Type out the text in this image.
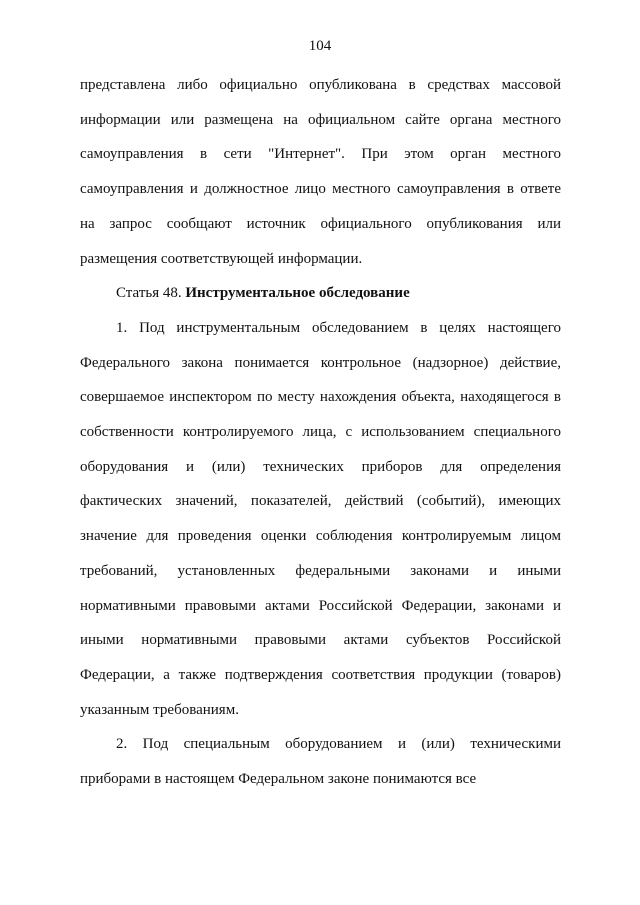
104

представлена либо официально опубликована в средствах массовой информации или размещена на официальном сайте органа местного самоуправления в сети "Интернет". При этом орган местного самоуправления и должностное лицо местного самоуправления в ответе на запрос сообщают источник официального опубликования или размещения соответствующей информации.

Статья 48. Инструментальное обследование

1. Под инструментальным обследованием в целях настоящего Федерального закона понимается контрольное (надзорное) действие, совершаемое инспектором по месту нахождения объекта, находящегося в собственности контролируемого лица, с использованием специального оборудования и (или) технических приборов для определения фактических значений, показателей, действий (событий), имеющих значение для проведения оценки соблюдения контролируемым лицом требований, установленных федеральными законами и иными нормативными правовыми актами Российской Федерации, законами и иными нормативными правовыми актами субъектов Российской Федерации, а также подтверждения соответствия продукции (товаров) указанным требованиям.

2. Под специальным оборудованием и (или) техническими приборами в настоящем Федеральном законе понимаются все
